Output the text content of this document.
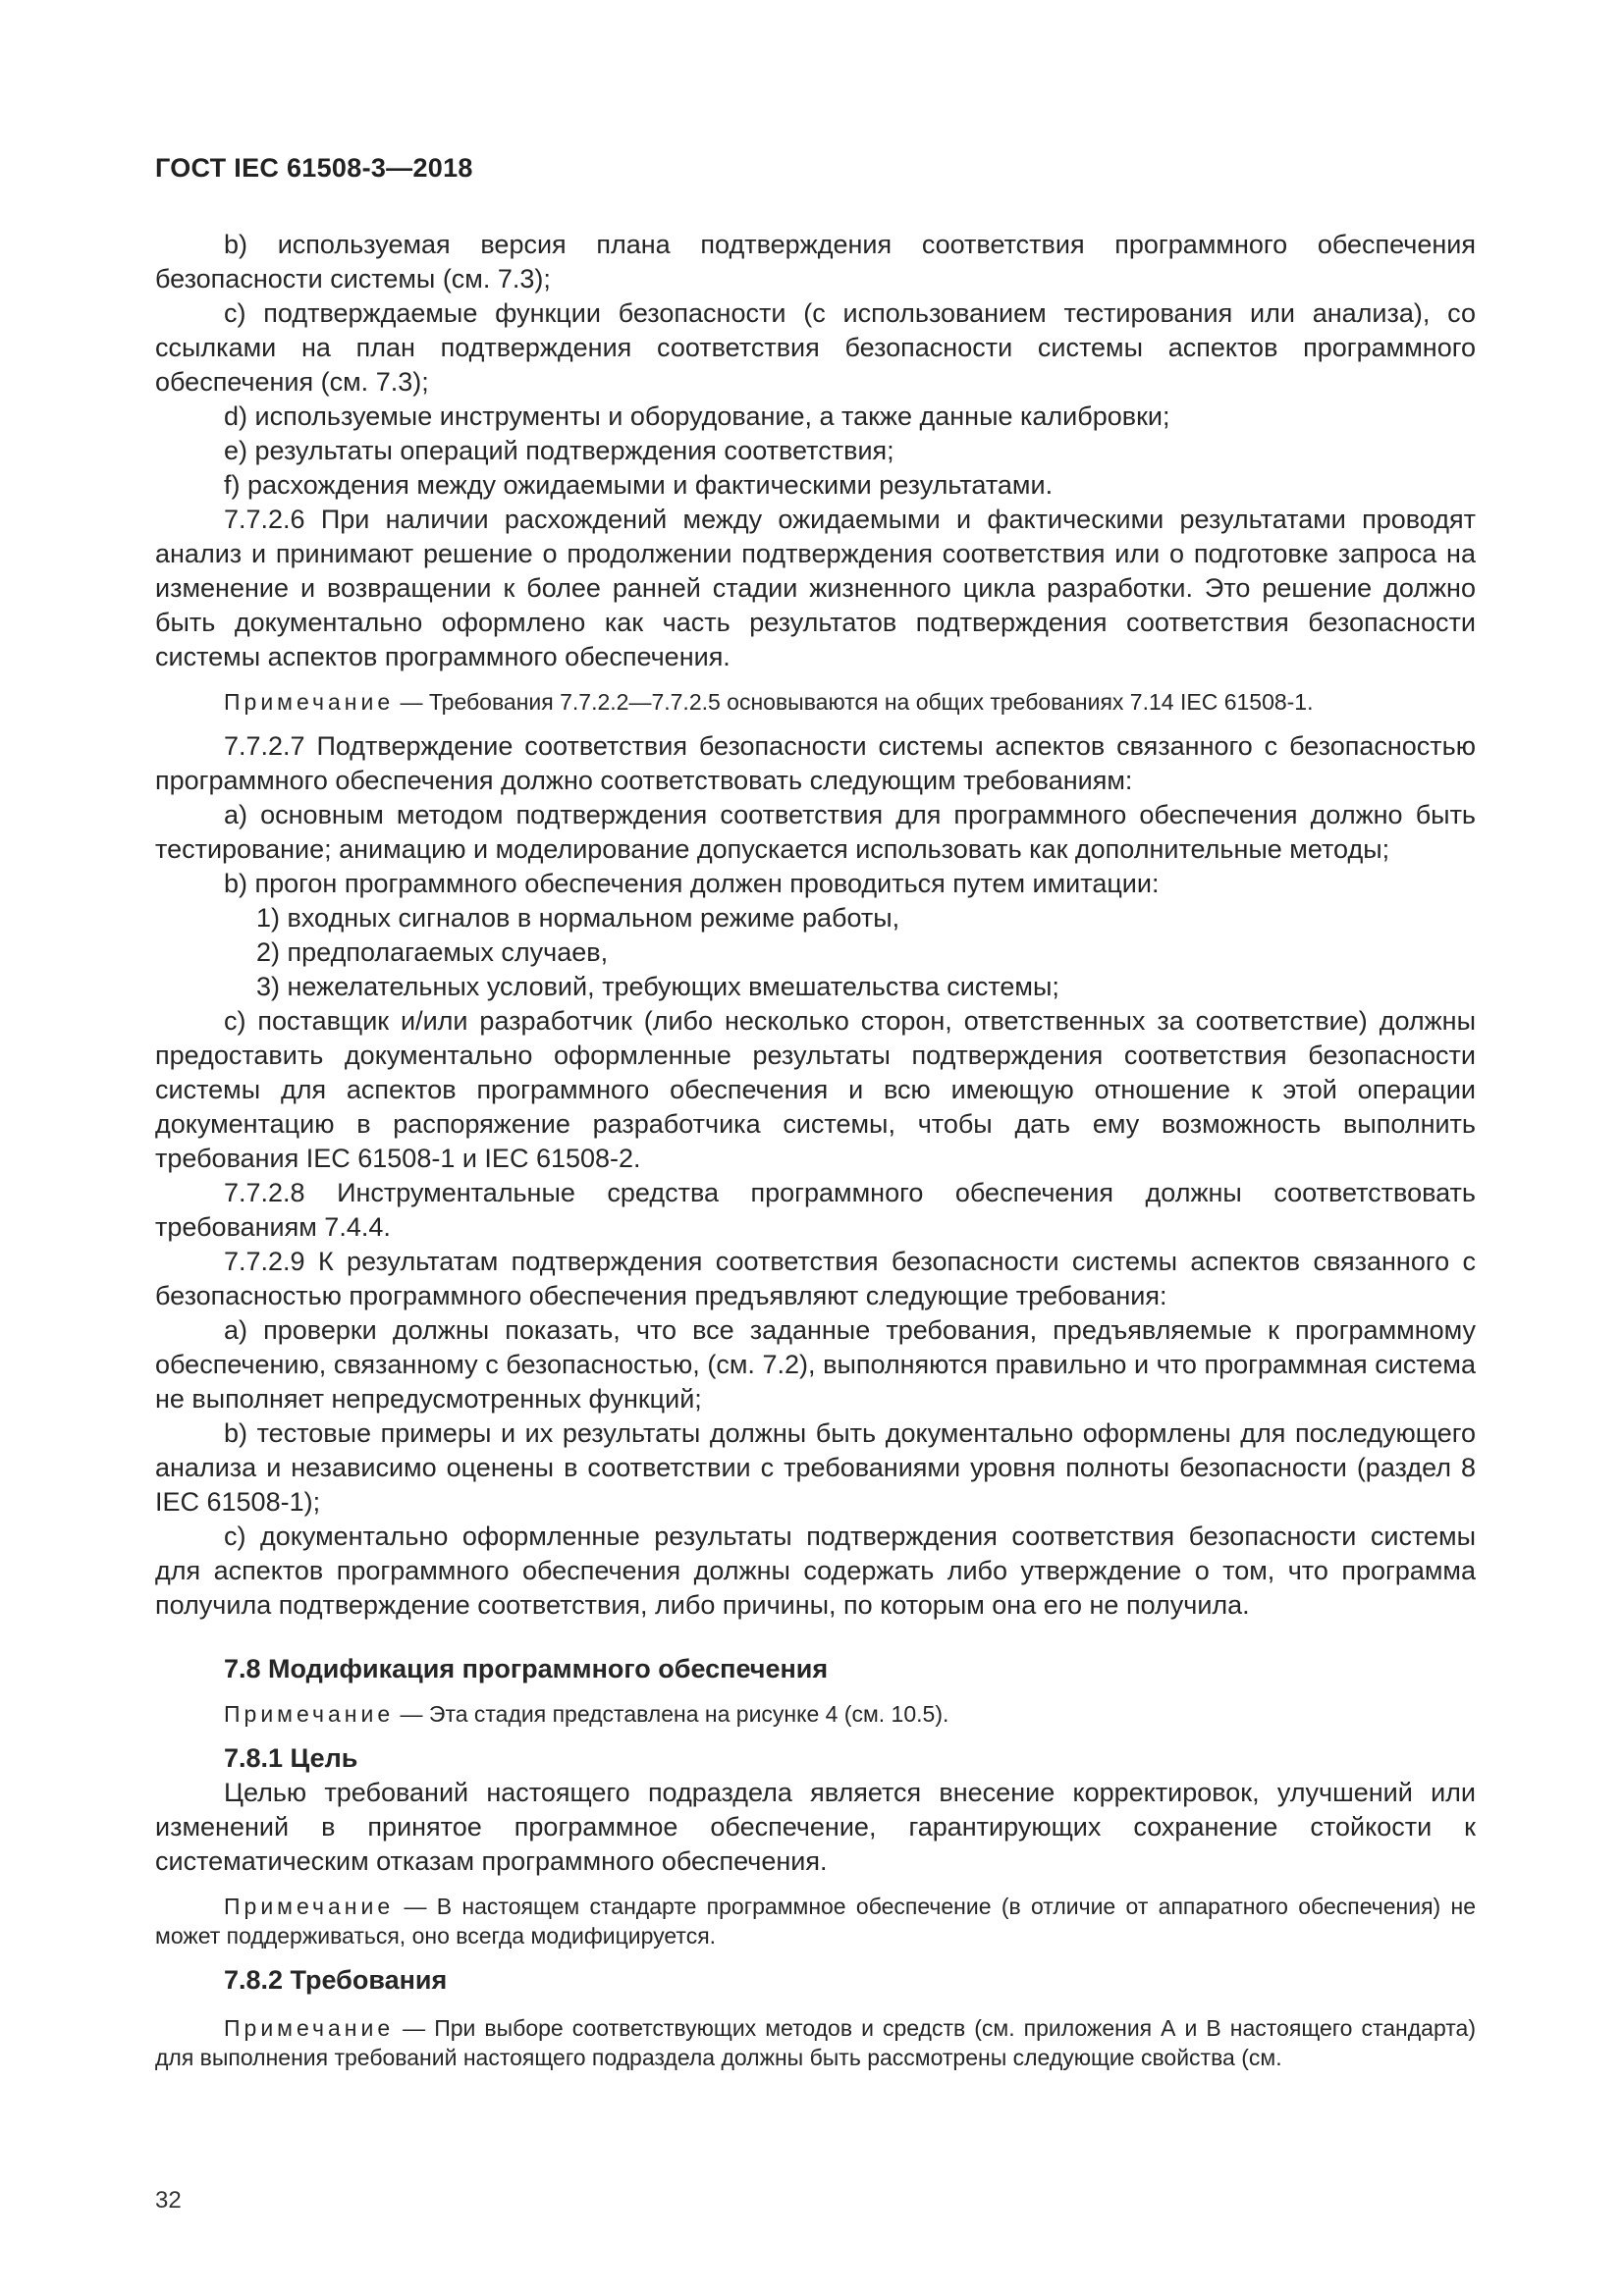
ГОСТ IEC 61508-3—2018

b) используемая версия плана подтверждения соответствия программного обеспечения безопасности системы (см. 7.3);

c) подтверждаемые функции безопасности (с использованием тестирования или анализа), со ссылками на план подтверждения соответствия безопасности системы аспектов программного обеспечения (см. 7.3);

d) используемые инструменты и оборудование, а также данные калибровки;

e) результаты операций подтверждения соответствия;

f) расхождения между ожидаемыми и фактическими результатами.

7.7.2.6 При наличии расхождений между ожидаемыми и фактическими результатами проводят анализ и принимают решение о продолжении подтверждения соответствия или о подготовке запроса на изменение и возвращении к более ранней стадии жизненного цикла разработки. Это решение должно быть документально оформлено как часть результатов подтверждения соответствия безопасности системы аспектов программного обеспечения.

Примечание — Требования 7.7.2.2—7.7.2.5 основываются на общих требованиях 7.14 IEC 61508-1.

7.7.2.7 Подтверждение соответствия безопасности системы аспектов связанного с безопасностью программного обеспечения должно соответствовать следующим требованиям:

a) основным методом подтверждения соответствия для программного обеспечения должно быть тестирование; анимацию и моделирование допускается использовать как дополнительные методы;

b) прогон программного обеспечения должен проводиться путем имитации:

1) входных сигналов в нормальном режиме работы,

2) предполагаемых случаев,

3) нежелательных условий, требующих вмешательства системы;

c) поставщик и/или разработчик (либо несколько сторон, ответственных за соответствие) должны предоставить документально оформленные результаты подтверждения соответствия безопасности системы для аспектов программного обеспечения и всю имеющую отношение к этой операции документацию в распоряжение разработчика системы, чтобы дать ему возможность выполнить требования IEC 61508-1 и IEC 61508-2.

7.7.2.8 Инструментальные средства программного обеспечения должны соответствовать требованиям 7.4.4.

7.7.2.9 К результатам подтверждения соответствия безопасности системы аспектов связанного с безопасностью программного обеспечения предъявляют следующие требования:

a) проверки должны показать, что все заданные требования, предъявляемые к программному обеспечению, связанному с безопасностью, (см. 7.2), выполняются правильно и что программная система не выполняет непредусмотренных функций;

b) тестовые примеры и их результаты должны быть документально оформлены для последующего анализа и независимо оценены в соответствии с требованиями уровня полноты безопасности (раздел 8 IEC 61508-1);

c) документально оформленные результаты подтверждения соответствия безопасности системы для аспектов программного обеспечения должны содержать либо утверждение о том, что программа получила подтверждение соответствия, либо причины, по которым она его не получила.

7.8 Модификация программного обеспечения

Примечание — Эта стадия представлена на рисунке 4 (см. 10.5).

7.8.1 Цель

Целью требований настоящего подраздела является внесение корректировок, улучшений или изменений в принятое программное обеспечение, гарантирующих сохранение стойкости к систематическим отказам программного обеспечения.

Примечание — В настоящем стандарте программное обеспечение (в отличие от аппаратного обеспечения) не может поддерживаться, оно всегда модифицируется.

7.8.2 Требования

Примечание — При выборе соответствующих методов и средств (см. приложения А и В настоящего стандарта) для выполнения требований настоящего подраздела должны быть рассмотрены следующие свойства (см.

32
